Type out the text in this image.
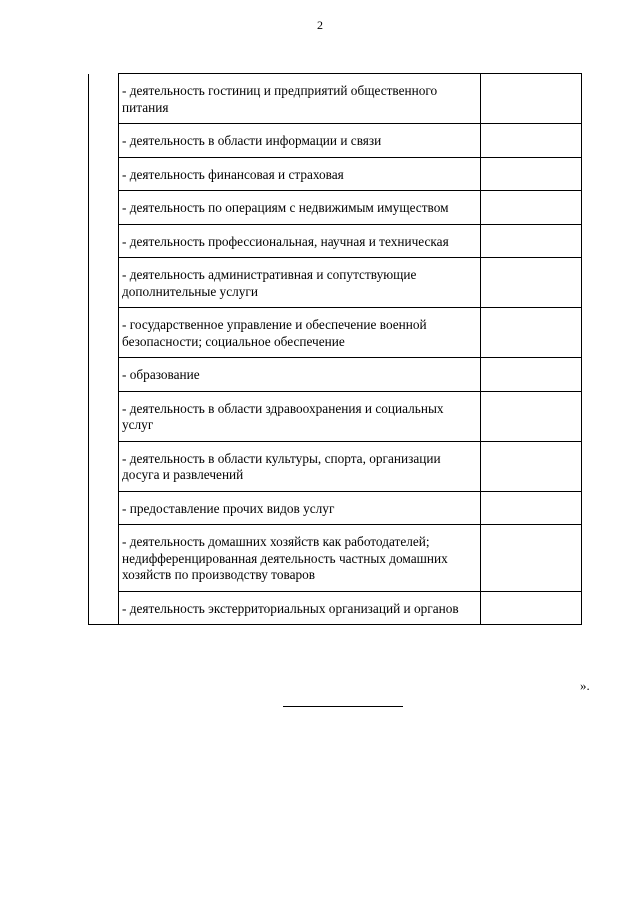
2
	- деятельность гостиниц и предприятий общественного питания	
	- деятельность в области информации и связи	
	- деятельность финансовая и страховая	
	- деятельность по операциям с недвижимым имуществом	
	- деятельность профессиональная, научная и техническая	
	- деятельность административная и сопутствующие дополнительные услуги	
	- государственное управление и обеспечение военной безопасности; социальное обеспечение	
	- образование	
	- деятельность в области здравоохранения и социальных услуг	
	- деятельность в области культуры, спорта, организации досуга и развлечений	
	- предоставление прочих видов услуг	
	- деятельность домашних хозяйств как работодателей; недифференцированная деятельность частных домашних хозяйств по производству товаров	
	- деятельность экстерриториальных организаций и органов	
».
